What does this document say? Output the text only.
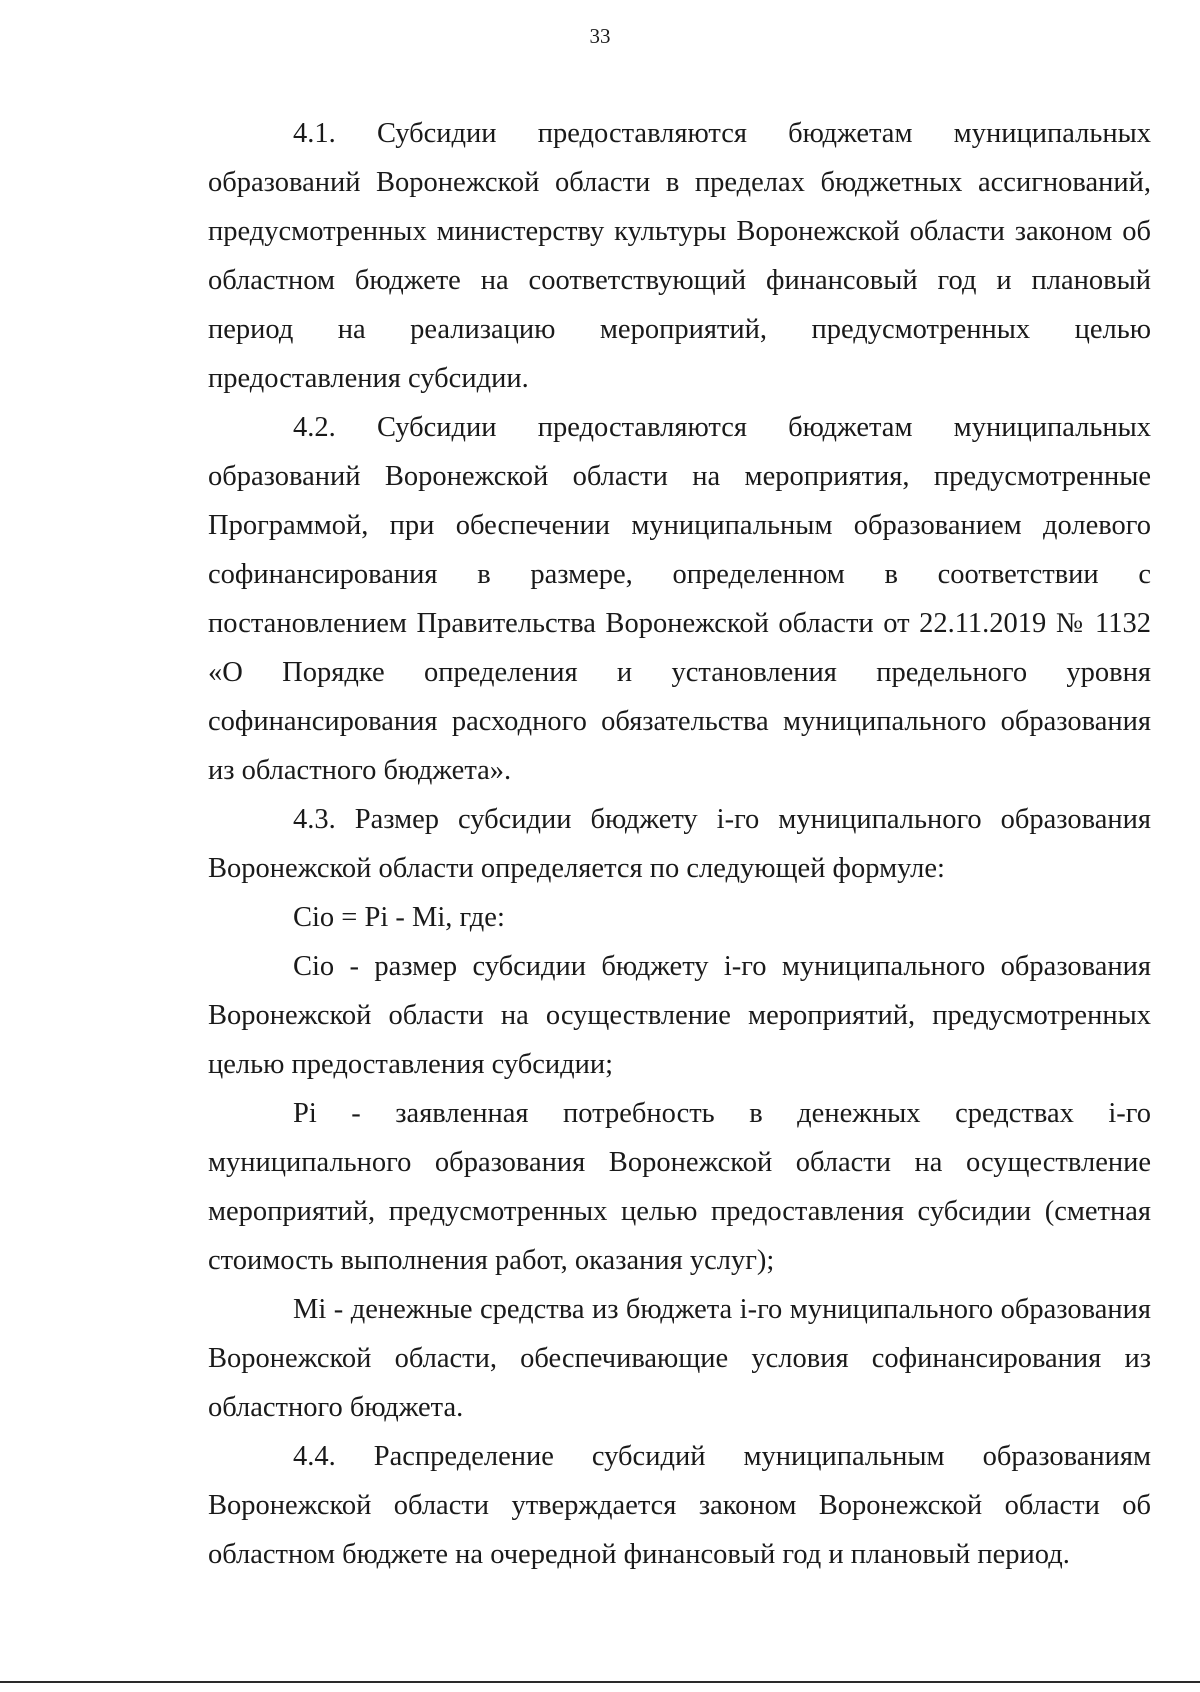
33

4.1. Субсидии предоставляются бюджетам муниципальных образований Воронежской области в пределах бюджетных ассигнований, предусмотренных министерству культуры Воронежской области законом об областном бюджете на соответствующий финансовый год и плановый период на реализацию мероприятий, предусмотренных целью предоставления субсидии.

4.2. Субсидии предоставляются бюджетам муниципальных образований Воронежской области на мероприятия, предусмотренные Программой, при обеспечении муниципальным образованием долевого софинансирования в размере, определенном в соответствии с постановлением Правительства Воронежской области от 22.11.2019 № 1132 «О Порядке определения и установления предельного уровня софинансирования расходного обязательства муниципального образования из областного бюджета».

4.3. Размер субсидии бюджету i-го муниципального образования Воронежской области определяется по следующей формуле:

Сiо = Pi - Mi, где:

Сiо - размер субсидии бюджету i-го муниципального образования Воронежской области на осуществление мероприятий, предусмотренных целью предоставления субсидии;

Pi - заявленная потребность в денежных средствах i-го муниципального образования Воронежской области на осуществление мероприятий, предусмотренных целью предоставления субсидии (сметная стоимость выполнения работ, оказания услуг);

Mi - денежные средства из бюджета i-го муниципального образования Воронежской области, обеспечивающие условия софинансирования из областного бюджета.

4.4. Распределение субсидий муниципальным образованиям Воронежской области утверждается законом Воронежской области об областном бюджете на очередной финансовый год и плановый период.
